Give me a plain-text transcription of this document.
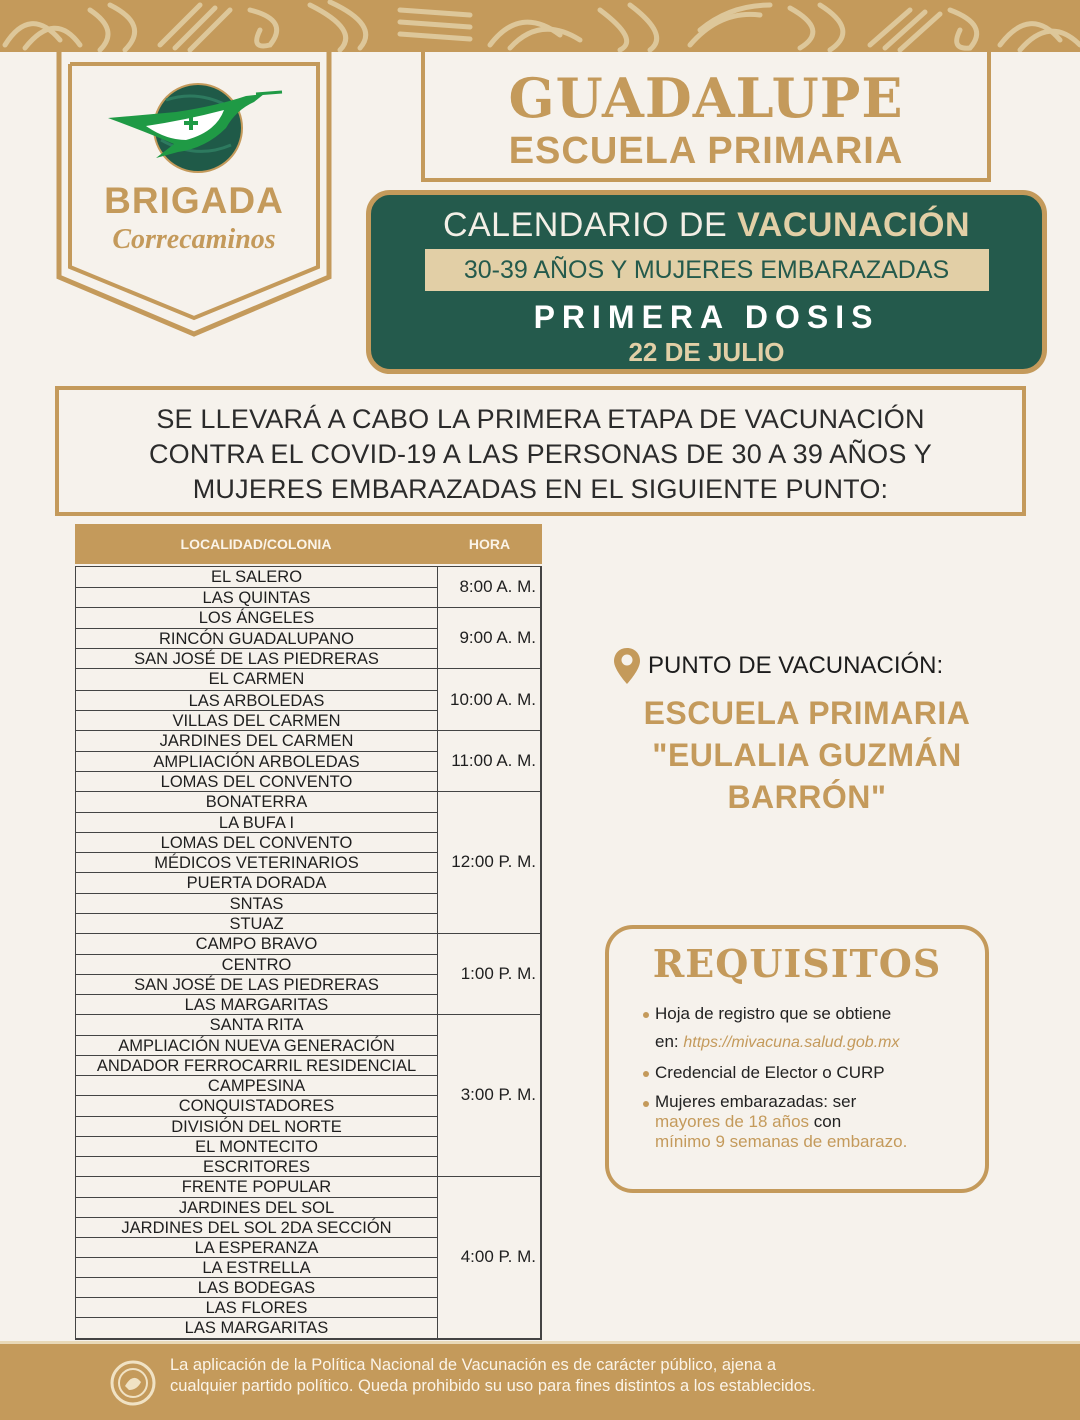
BRIGADA
Correcaminos
GUADALUPE
ESCUELA PRIMARIA
CALENDARIO DE VACUNACIÓN
30-39 AÑOS Y MUJERES EMBARAZADAS
PRIMERA DOSIS
22 DE JULIO

SE LLEVARÁ A CABO LA PRIMERA ETAPA DE VACUNACIÓN

CONTRA EL COVID-19 A LAS PERSONAS DE 30 A 39 AÑOS Y

MUJERES EMBARAZADAS EN EL SIGUIENTE PUNTO:

LOCALIDAD/COLONIA	HORA
EL SALERO
LAS QUINTAS
8:00 A. M.
LOS ÁNGELES
RINCÓN GUADALUPANO
SAN JOSÉ DE LAS PIEDRERAS
9:00 A. M.
EL CARMEN
LAS ARBOLEDAS
VILLAS DEL CARMEN
10:00 A. M.
JARDINES DEL CARMEN
AMPLIACIÓN ARBOLEDAS
LOMAS DEL CONVENTO
11:00 A. M.
BONATERRA
LA BUFA I
LOMAS DEL CONVENTO
MÉDICOS VETERINARIOS
PUERTA DORADA
SNTAS
STUAZ
12:00 P. M.
CAMPO BRAVO
CENTRO
SAN JOSÉ DE LAS PIEDRERAS
LAS MARGARITAS
1:00 P. M.
SANTA RITA
AMPLIACIÓN NUEVA GENERACIÓN
ANDADOR FERROCARRIL RESIDENCIAL
CAMPESINA
CONQUISTADORES
DIVISIÓN DEL NORTE
EL MONTECITO
ESCRITORES
3:00 P. M.
FRENTE POPULAR
JARDINES DEL SOL
JARDINES DEL SOL 2DA SECCIÓN
LA ESPERANZA
LA ESTRELLA
LAS BODEGAS
LAS FLORES
LAS MARGARITAS
4:00 P. M.
PUNTO DE VACUNACIÓN:
ESCUELA PRIMARIA
"EULALIA GUZMÁN
BARRÓN"
REQUISITOS
Hoja de registro que se obtiene
en: https://mivacuna.salud.gob.mx
Credencial de Elector o CURP
Mujeres embarazadas: ser
mayores de 18 años con
mínimo 9 semanas de embarazo.
La aplicación de la Política Nacional de Vacunación es de carácter público, ajena a
cualquier partido político. Queda prohibido su uso para fines distintos a los establecidos.
